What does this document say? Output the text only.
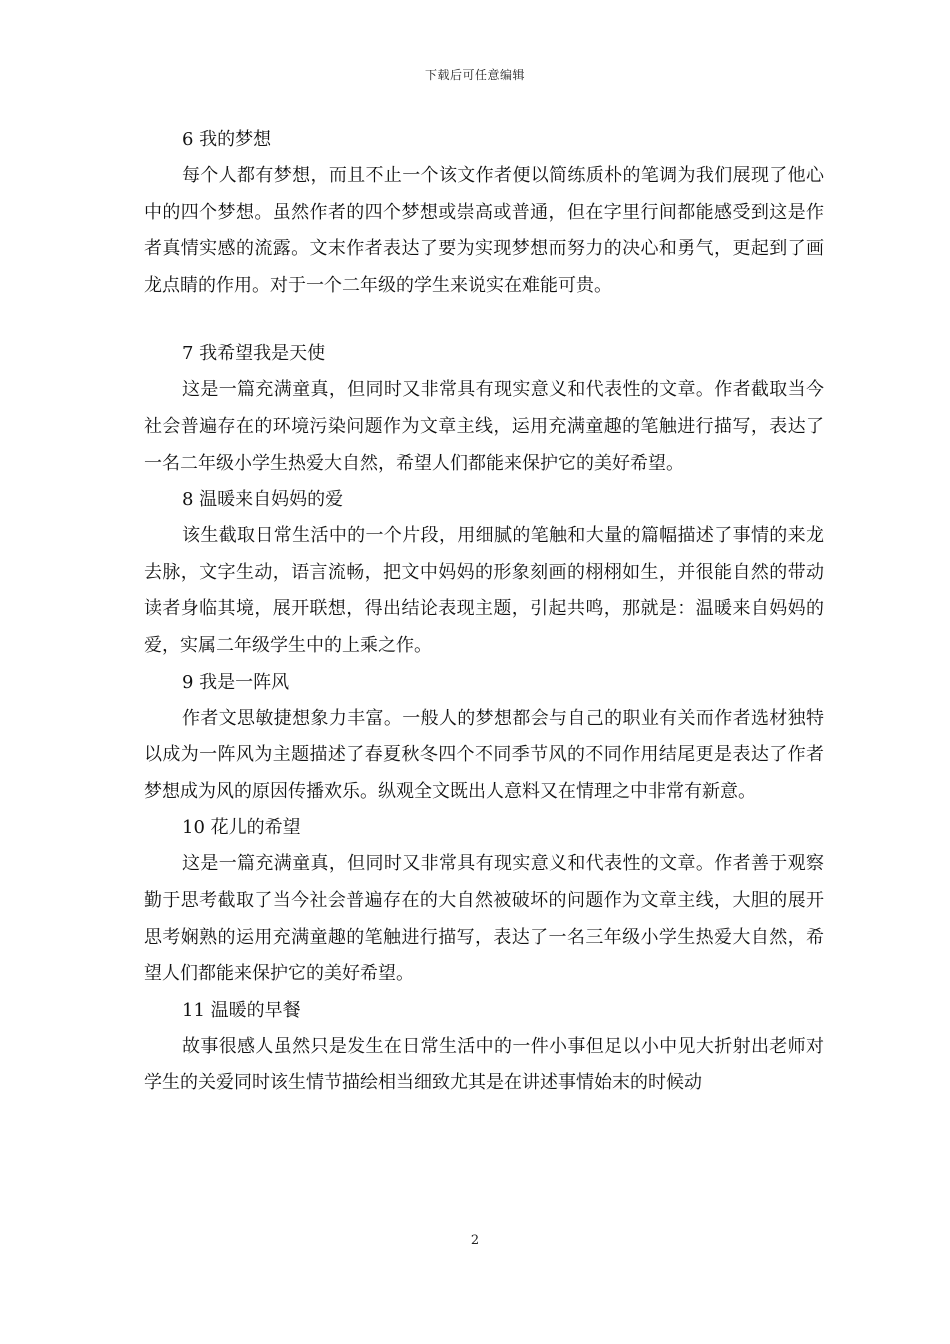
下载后可任意编辑
6 我的梦想

每个人都有梦想，而且不止一个该文作者便以简练质朴的笔调为我们展现了他心中的四个梦想。虽然作者的四个梦想或崇高或普通，但在字里行间都能感受到这是作者真情实感的流露。文末作者表达了要为实现梦想而努力的决心和勇气，更起到了画龙点睛的作用。对于一个二年级的学生来说实在难能可贵。

7 我希望我是天使

这是一篇充满童真，但同时又非常具有现实意义和代表性的文章。作者截取当今社会普遍存在的环境污染问题作为文章主线，运用充满童趣的笔触进行描写，表达了一名二年级小学生热爱大自然，希望人们都能来保护它的美好希望。

8 温暖来自妈妈的爱

该生截取日常生活中的一个片段，用细腻的笔触和大量的篇幅描述了事情的来龙去脉，文字生动，语言流畅，把文中妈妈的形象刻画的栩栩如生，并很能自然的带动读者身临其境，展开联想，得出结论表现主题，引起共鸣，那就是：温暖来自妈妈的爱，实属二年级学生中的上乘之作。

9 我是一阵风

作者文思敏捷想象力丰富。一般人的梦想都会与自己的职业有关而作者选材独特以成为一阵风为主题描述了春夏秋冬四个不同季节风的不同作用结尾更是表达了作者梦想成为风的原因传播欢乐。纵观全文既出人意料又在情理之中非常有新意。

10 花儿的希望

这是一篇充满童真，但同时又非常具有现实意义和代表性的文章。作者善于观察勤于思考截取了当今社会普遍存在的大自然被破坏的问题作为文章主线，大胆的展开思考娴熟的运用充满童趣的笔触进行描写，表达了一名三年级小学生热爱大自然，希望人们都能来保护它的美好希望。

11 温暖的早餐

故事很感人虽然只是发生在日常生活中的一件小事但足以小中见大折射出老师对学生的关爱同时该生情节描绘相当细致尤其是在讲述事情始末的时候动

2
